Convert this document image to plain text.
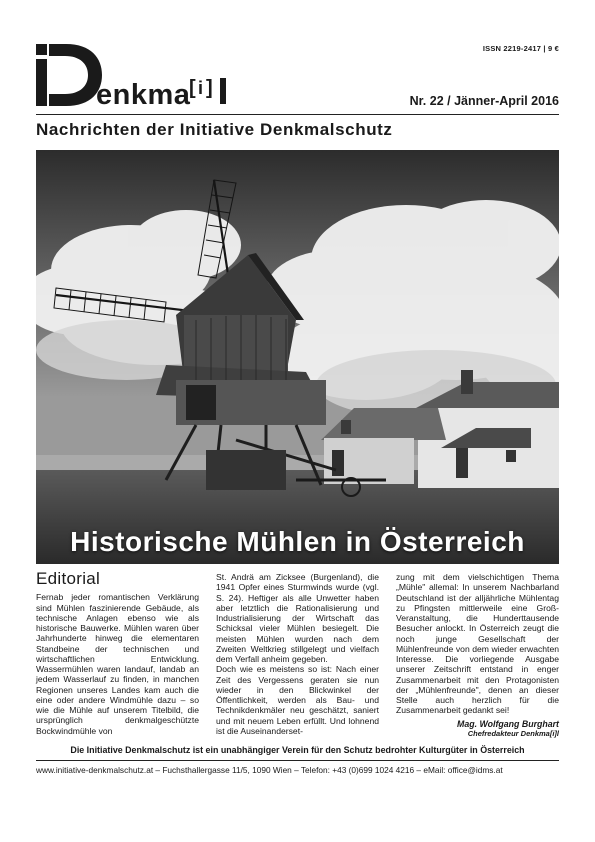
enkma
[ i ]
ISSN 2219-2417 | 9 €
Nr. 22 / Jänner-April 2016
Nachrichten der Initiative Denkmalschutz
Historische Mühlen in Österreich
Editorial

Fernab jeder romantischen Verklärung sind Mühlen faszinierende Gebäude, als technische Anlagen ebenso wie als historische Bauwerke. Mühlen waren über Jahrhunderte hinweg die elementaren Standbeine der technischen und wirtschaftlichen Entwicklung. Wassermühlen waren landauf, landab an jedem Wasserlauf zu finden, in manchen Regionen unseres Landes kam auch die eine oder andere Windmühle dazu – so wie die Mühle auf unserem Titelbild, die ursprünglich denkmalgeschützte Bockwindmühle von

St. Andrä am Zicksee (Burgenland), die 1941 Opfer eines Sturmwinds wurde (vgl. S. 24). Heftiger als alle Unwetter haben aber letztlich die Rationalisierung und Industrialisierung der Wirtschaft das Schicksal vieler Mühlen besiegelt. Die meisten Mühlen wurden nach dem Zweiten Weltkrieg stillgelegt und vielfach dem Verfall anheim gegeben.

Doch wie es meistens so ist: Nach einer Zeit des Vergessens geraten sie nun wieder in den Blickwinkel der Öffentlichkeit, werden als Bau- und Technikdenkmäler neu geschätzt, saniert und mit neuem Leben erfüllt. Und lohnend ist die Auseinanderset-

zung mit dem vielschichtigen Thema „Mühle" allemal: In unserem Nachbarland Deutschland ist der alljährliche Mühlentag zu Pfingsten mittlerweile eine Groß-Veranstaltung, die Hunderttausende Besucher anlockt. In Österreich zeugt die noch junge Gesellschaft der Mühlenfreunde von dem wieder erwachten Interesse. Die vorliegende Ausgabe unserer Zeitschrift entstand in enger Zusammenarbeit mit den Protagonisten der „Mühlenfreunde", denen an dieser Stelle auch herzlich für die Zusammenarbeit gedankt sei!

Mag. Wolfgang Burghart
Chefredakteur Denkma[i]l
Die Initiative Denkmalschutz ist ein unabhängiger Verein für den Schutz bedrohter Kulturgüter in Österreich
www.initiative-denkmalschutz.at – Fuchsthallergasse 11/5, 1090 Wien – Telefon: +43 (0)699 1024 4216 – eMail: office@idms.at
